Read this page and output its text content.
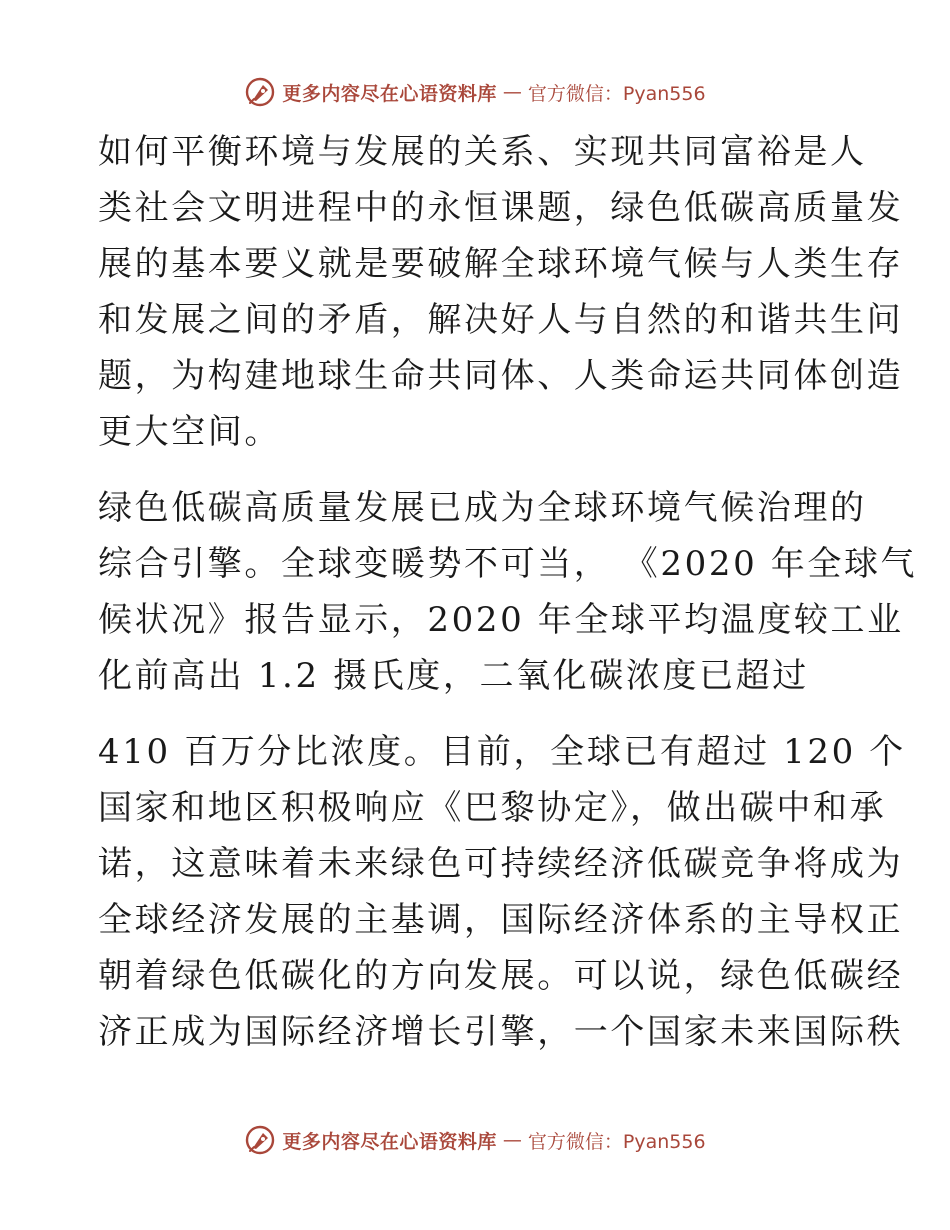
更多内容尽在心语资料库 — 官方微信：Pyan556
如何平衡环境与发展的关系、实现共同富裕是人
类社会文明进程中的永恒课题，绿色低碳高质量发
展的基本要义就是要破解全球环境气候与人类生存
和发展之间的矛盾，解决好人与自然的和谐共生问
题，为构建地球生命共同体、人类命运共同体创造
更大空间。
绿色低碳高质量发展已成为全球环境气候治理的
综合引擎。全球变暖势不可当， 《2020 年全球气
候状况》报告显示，2020 年全球平均温度较工业
化前高出 1.2 摄氏度，二氧化碳浓度已超过
410 百万分比浓度。目前，全球已有超过 120 个
国家和地区积极响应《巴黎协定》，做出碳中和承
诺，这意味着未来绿色可持续经济低碳竞争将成为
全球经济发展的主基调，国际经济体系的主导权正
朝着绿色低碳化的方向发展。可以说，绿色低碳经
济正成为国际经济增长引擎，一个国家未来国际秩
更多内容尽在心语资料库 — 官方微信：Pyan556
